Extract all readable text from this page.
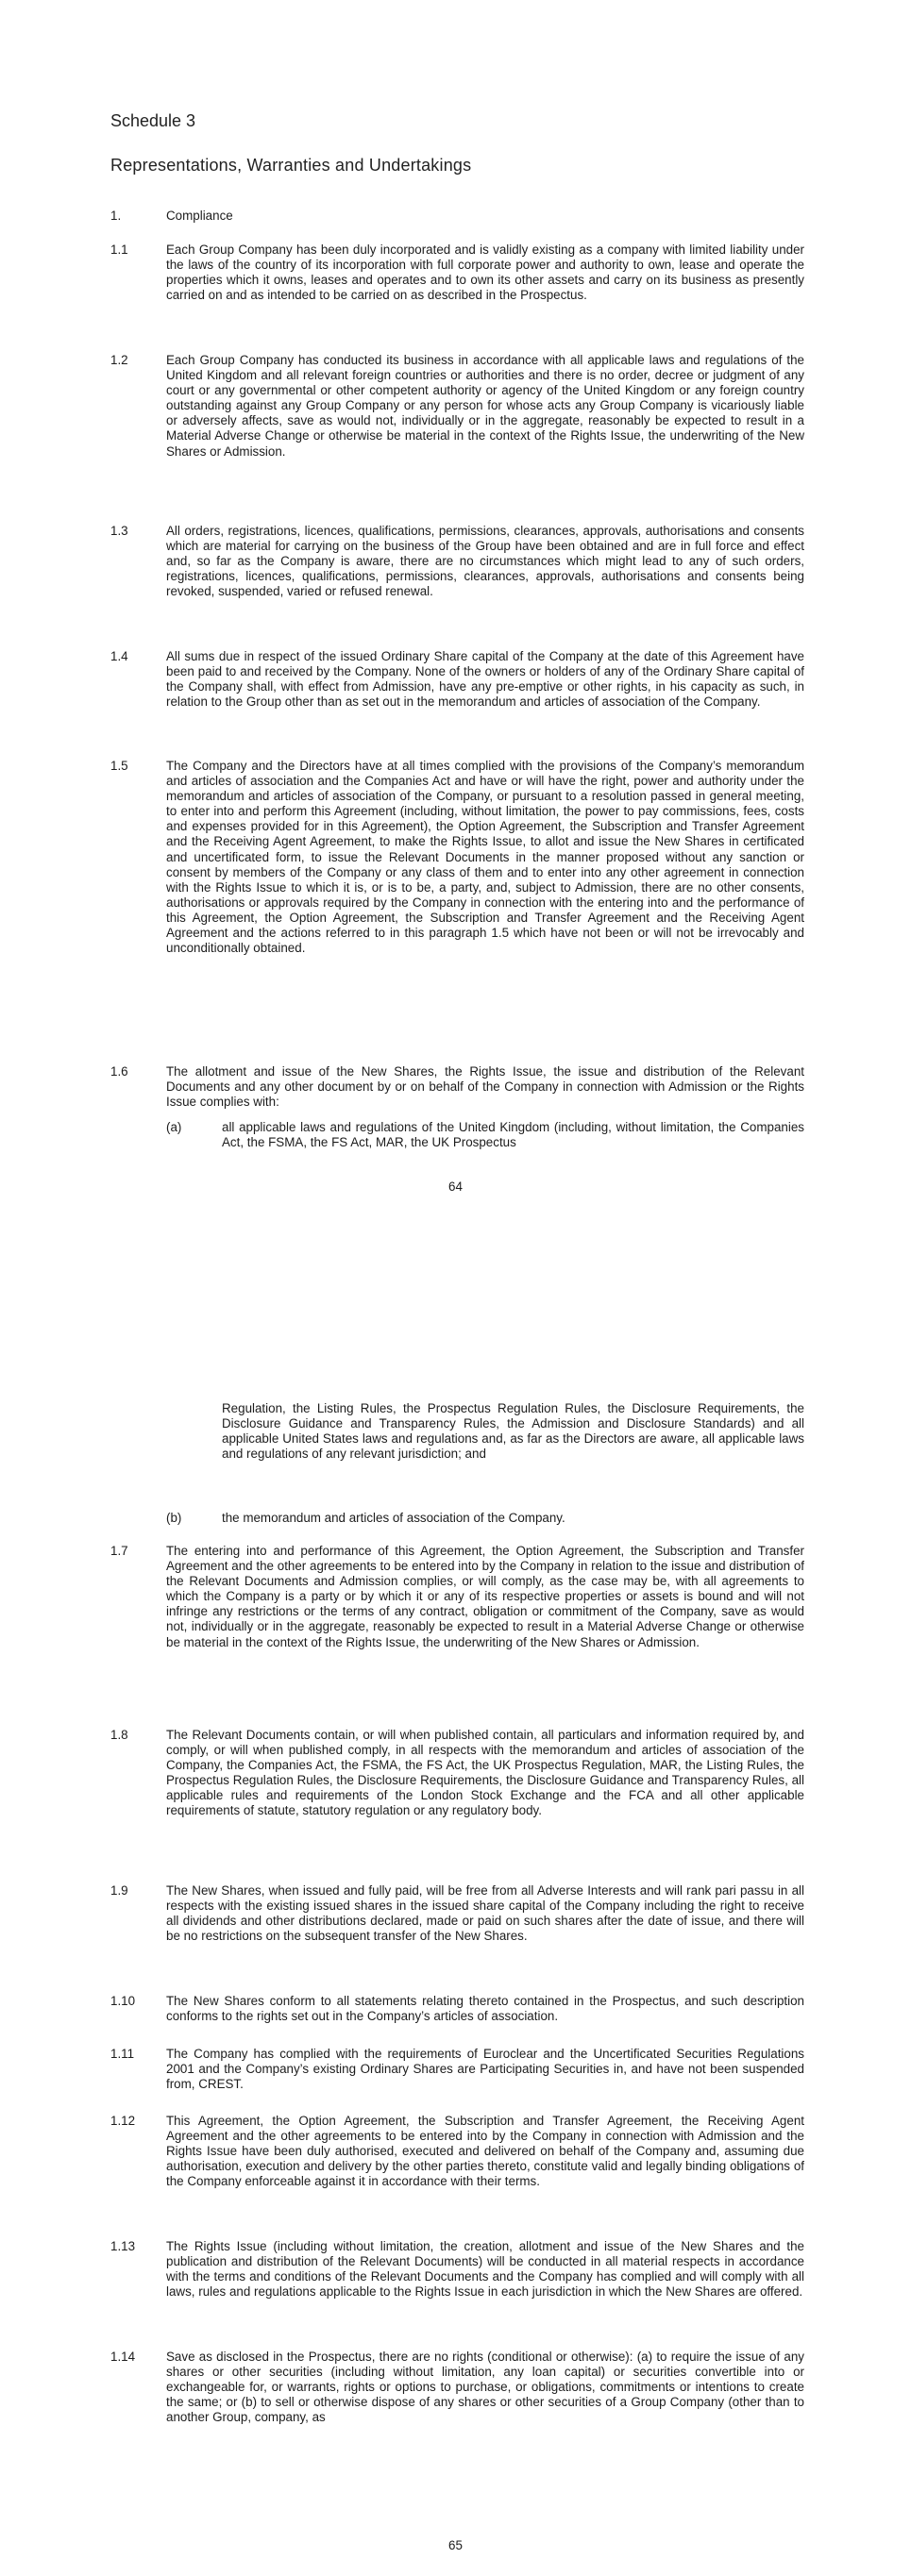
Schedule 3
Representations, Warranties and Undertakings
1.	Compliance
1.1	Each Group Company has been duly incorporated and is validly existing as a company with limited liability under the laws of the country of its incorporation with full corporate power and authority to own, lease and operate the properties which it owns, leases and operates and to own its other assets and carry on its business as presently carried on and as intended to be carried on as described in the Prospectus.
1.2	Each Group Company has conducted its business in accordance with all applicable laws and regulations of the United Kingdom and all relevant foreign countries or authorities and there is no order, decree or judgment of any court or any governmental or other competent authority or agency of the United Kingdom or any foreign country outstanding against any Group Company or any person for whose acts any Group Company is vicariously liable or adversely affects, save as would not, individually or in the aggregate, reasonably be expected to result in a Material Adverse Change or otherwise be material in the context of the Rights Issue, the underwriting of the New Shares or Admission.
1.3	All orders, registrations, licences, qualifications, permissions, clearances, approvals, authorisations and consents which are material for carrying on the business of the Group have been obtained and are in full force and effect and, so far as the Company is aware, there are no circumstances which might lead to any of such orders, registrations, licences, qualifications, permissions, clearances, approvals, authorisations and consents being revoked, suspended, varied or refused renewal.
1.4	All sums due in respect of the issued Ordinary Share capital of the Company at the date of this Agreement have been paid to and received by the Company. None of the owners or holders of any of the Ordinary Share capital of the Company shall, with effect from Admission, have any pre-emptive or other rights, in his capacity as such, in relation to the Group other than as set out in the memorandum and articles of association of the Company.
1.5	The Company and the Directors have at all times complied with the provisions of the Company’s memorandum and articles of association and the Companies Act and have or will have the right, power and authority under the memorandum and articles of association of the Company, or pursuant to a resolution passed in general meeting, to enter into and perform this Agreement (including, without limitation, the power to pay commissions, fees, costs and expenses provided for in this Agreement), the Option Agreement, the Subscription and Transfer Agreement and the Receiving Agent Agreement, to make the Rights Issue, to allot and issue the New Shares in certificated and uncertificated form, to issue the Relevant Documents in the manner proposed without any sanction or consent by members of the Company or any class of them and to enter into any other agreement in connection with the Rights Issue to which it is, or is to be, a party, and, subject to Admission, there are no other consents, authorisations or approvals required by the Company in connection with the entering into and the performance of this Agreement, the Option Agreement, the Subscription and Transfer Agreement and the Receiving Agent Agreement and the actions referred to in this paragraph 1.5 which have not been or will not be irrevocably and unconditionally obtained.
1.6	The allotment and issue of the New Shares, the Rights Issue, the issue and distribution of the Relevant Documents and any other document by or on behalf of the Company in connection with Admission or the Rights Issue complies with:
(a)	all applicable laws and regulations of the United Kingdom (including, without limitation, the Companies Act, the FSMA, the FS Act, MAR, the UK Prospectus
64
Regulation, the Listing Rules, the Prospectus Regulation Rules, the Disclosure Requirements, the Disclosure Guidance and Transparency Rules, the Admission and Disclosure Standards) and all applicable United States laws and regulations and, as far as the Directors are aware, all applicable laws and regulations of any relevant jurisdiction; and
(b)	the memorandum and articles of association of the Company.
1.7	The entering into and performance of this Agreement, the Option Agreement, the Subscription and Transfer Agreement and the other agreements to be entered into by the Company in relation to the issue and distribution of the Relevant Documents and Admission complies, or will comply, as the case may be, with all agreements to which the Company is a party or by which it or any of its respective properties or assets is bound and will not infringe any restrictions or the terms of any contract, obligation or commitment of the Company, save as would not, individually or in the aggregate, reasonably be expected to result in a Material Adverse Change or otherwise be material in the context of the Rights Issue, the underwriting of the New Shares or Admission.
1.8	The Relevant Documents contain, or will when published contain, all particulars and information required by, and comply, or will when published comply, in all respects with the memorandum and articles of association of the Company, the Companies Act, the FSMA, the FS Act, the UK Prospectus Regulation, MAR, the Listing Rules, the Prospectus Regulation Rules, the Disclosure Requirements, the Disclosure Guidance and Transparency Rules, all applicable rules and requirements of the London Stock Exchange and the FCA and all other applicable requirements of statute, statutory regulation or any regulatory body.
1.9	The New Shares, when issued and fully paid, will be free from all Adverse Interests and will rank pari passu in all respects with the existing issued shares in the issued share capital of the Company including the right to receive all dividends and other distributions declared, made or paid on such shares after the date of issue, and there will be no restrictions on the subsequent transfer of the New Shares.
1.10	The New Shares conform to all statements relating thereto contained in the Prospectus, and such description conforms to the rights set out in the Company’s articles of association.
1.11	The Company has complied with the requirements of Euroclear and the Uncertificated Securities Regulations 2001 and the Company’s existing Ordinary Shares are Participating Securities in, and have not been suspended from, CREST.
1.12	This Agreement, the Option Agreement, the Subscription and Transfer Agreement, the Receiving Agent Agreement and the other agreements to be entered into by the Company in connection with Admission and the Rights Issue have been duly authorised, executed and delivered on behalf of the Company and, assuming due authorisation, execution and delivery by the other parties thereto, constitute valid and legally binding obligations of the Company enforceable against it in accordance with their terms.
1.13	The Rights Issue (including without limitation, the creation, allotment and issue of the New Shares and the publication and distribution of the Relevant Documents) will be conducted in all material respects in accordance with the terms and conditions of the Relevant Documents and the Company has complied and will comply with all laws, rules and regulations applicable to the Rights Issue in each jurisdiction in which the New Shares are offered.
1.14	Save as disclosed in the Prospectus, there are no rights (conditional or otherwise): (a) to require the issue of any shares or other securities (including without limitation, any loan capital) or securities convertible into or exchangeable for, or warrants, rights or options to purchase, or obligations, commitments or intentions to create the same; or (b) to sell or otherwise dispose of any shares or other securities of a Group Company (other than to another Group, company, as
65
